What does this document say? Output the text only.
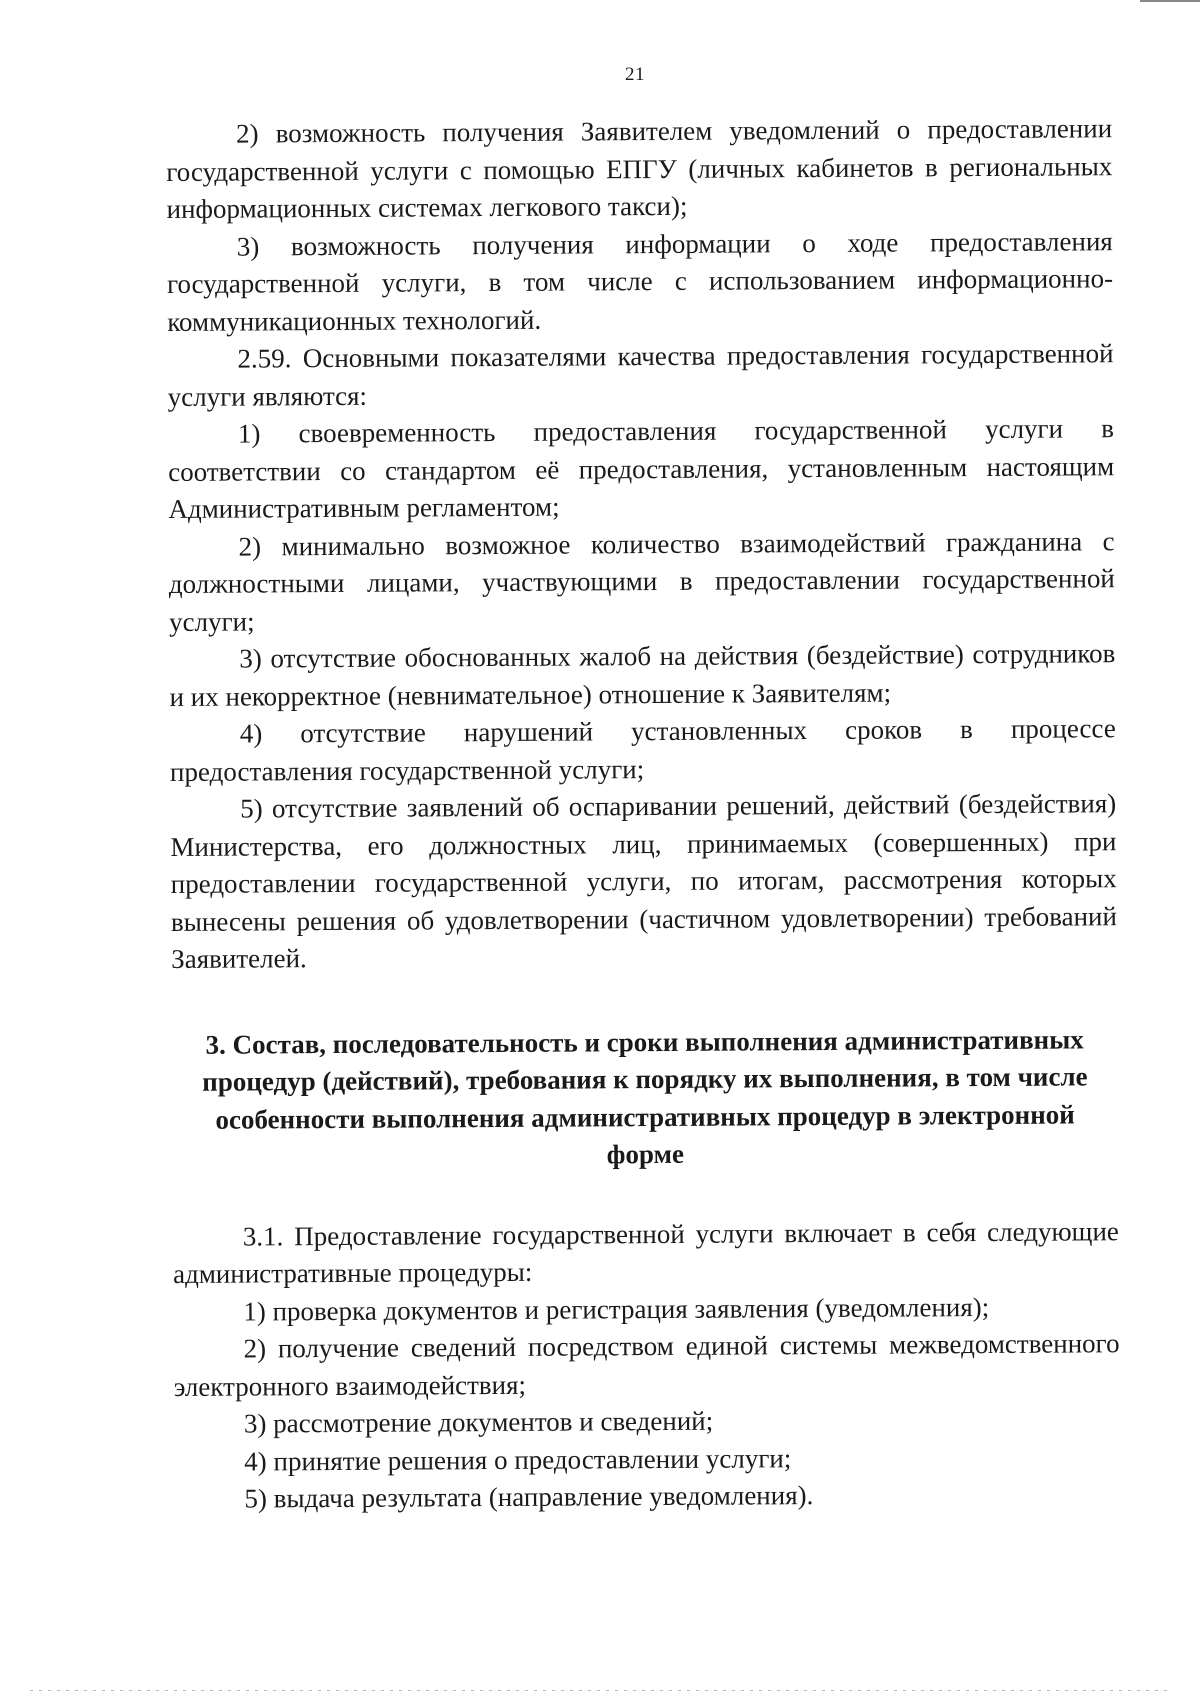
21

2) возможность получения Заявителем уведомлений о предоставлении государственной услуги с помощью ЕПГУ (личных кабинетов в региональных информационных системах легкового такси);

3) возможность получения информации о ходе предоставления государственной услуги, в том числе с использованием информационно-коммуникационных технологий.

2.59. Основными показателями качества предоставления государственной услуги являются:

1) своевременность предоставления государственной услуги в соответствии со стандартом её предоставления, установленным настоящим Административным регламентом;

2) минимально возможное количество взаимодействий гражданина с должностными лицами, участвующими в предоставлении государственной услуги;

3) отсутствие обоснованных жалоб на действия (бездействие) сотрудников и их некорректное (невнимательное) отношение к Заявителям;

4) отсутствие нарушений установленных сроков в процессе предоставления государственной услуги;

5) отсутствие заявлений об оспаривании решений, действий (бездействия) Министерства, его должностных лиц, принимаемых (совершенных) при предоставлении государственной услуги, по итогам, рассмотрения которых вынесены решения об удовлетворении (частичном удовлетворении) требований Заявителей.

3. Состав, последовательность и сроки выполнения административных процедур (действий), требования к порядку их выполнения, в том числе особенности выполнения административных процедур в электронной форме

3.1. Предоставление государственной услуги включает в себя следующие административные процедуры:

1) проверка документов и регистрация заявления (уведомления);

2) получение сведений посредством единой системы межведомственного электронного взаимодействия;

3) рассмотрение документов и сведений;

4) принятие решения о предоставлении услуги;

5) выдача результата (направление уведомления).
